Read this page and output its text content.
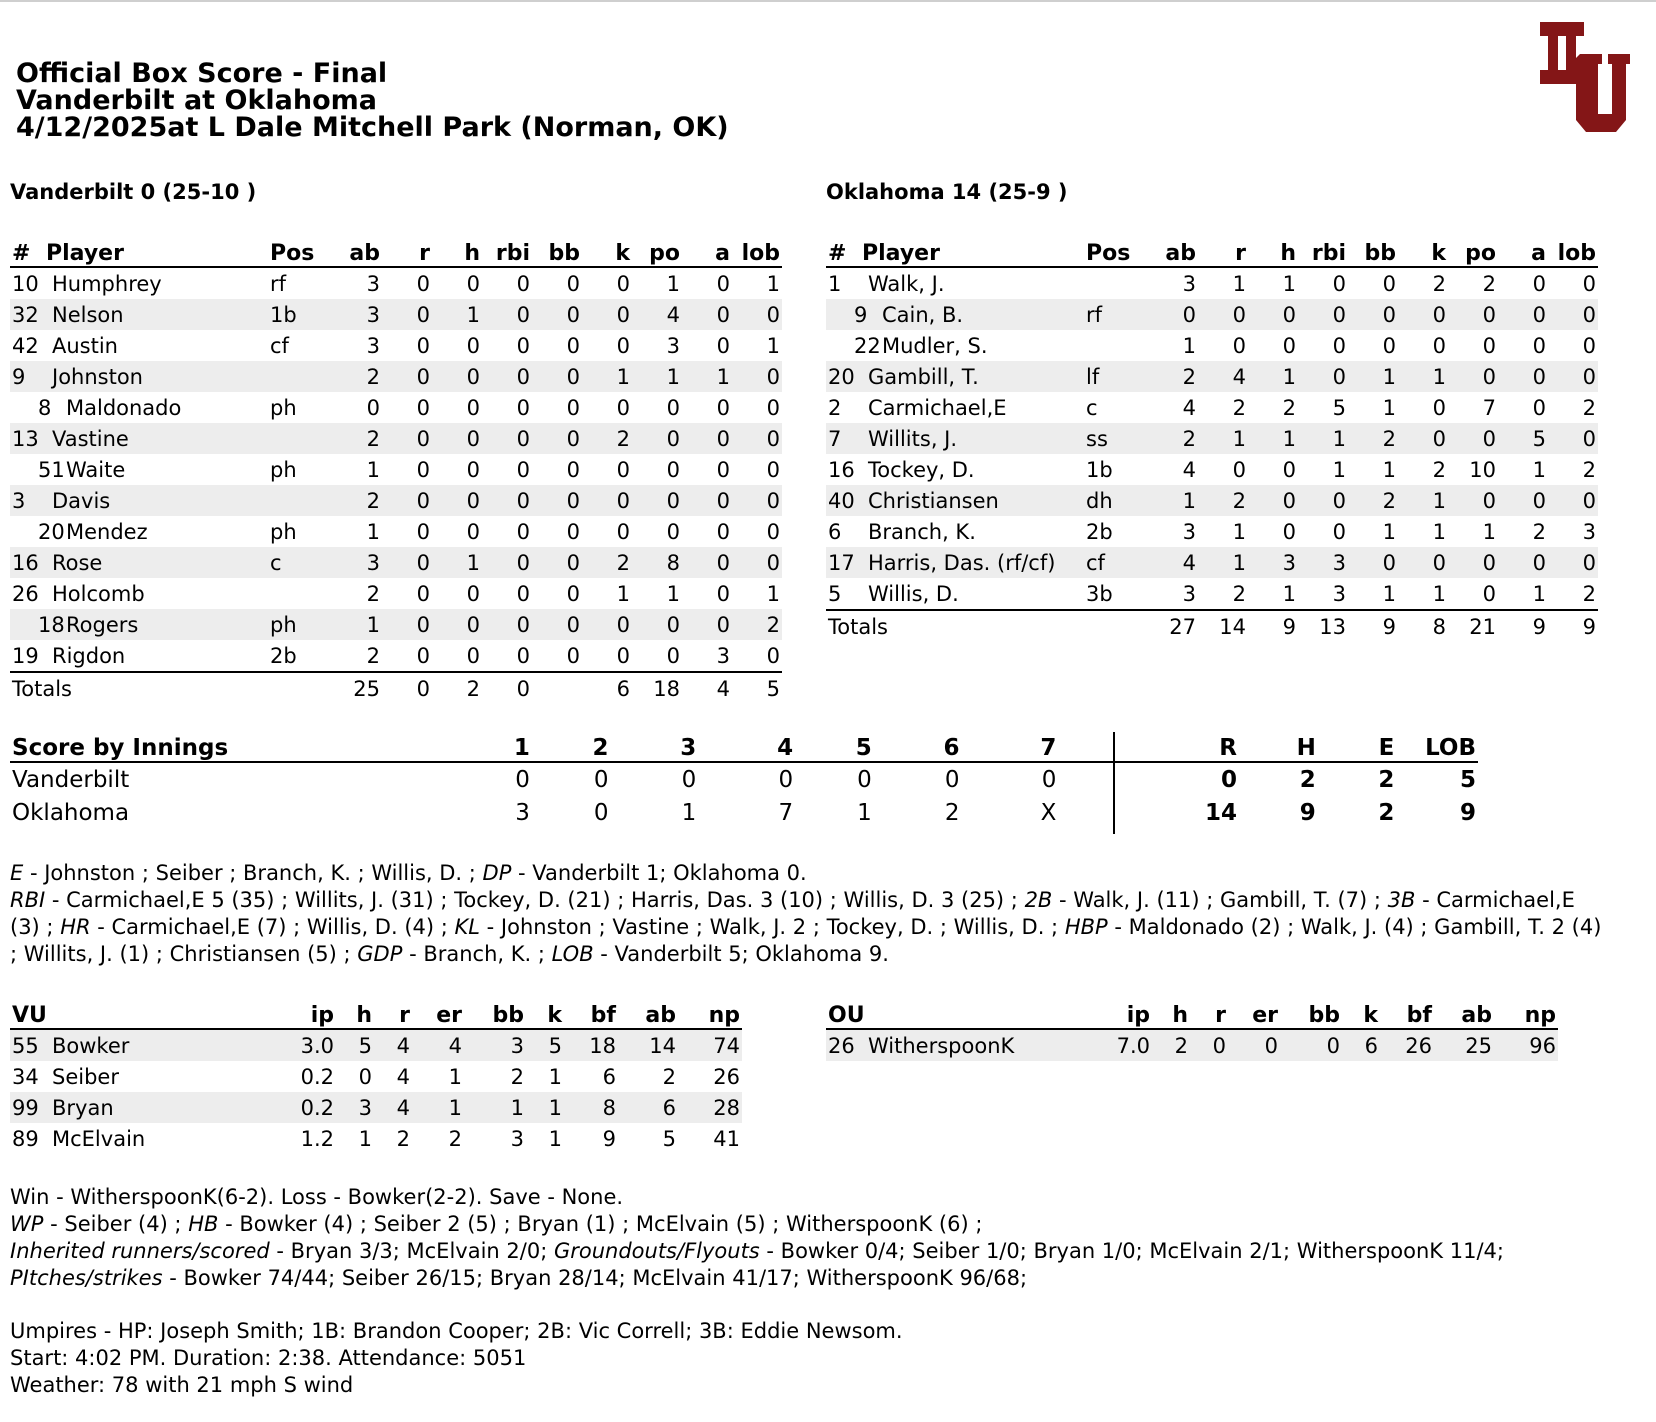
Official Box Score - Final
Vanderbilt at Oklahoma
4/12/2025at L Dale Mitchell Park (Norman, OK)
Vanderbilt 0 (25-10 )	Oklahoma 14 (25-9 )
#	Player	Pos	ab	r	h	rbi	bb	k	po	a	lob
10 Humphrey		rf	3	0	0	0	0	0	1	0	1
32 Nelson		1b	3	0	1	0	0	0	4	0	0
42 Austin		cf	3	0	0	0	0	0	3	0	1
9 Johnston			2	0	0	0	0	1	1	1	0
8 Maldonado		ph	0	0	0	0	0	0	0	0	0
13 Vastine			2	0	0	0	0	2	0	0	0
51Waite		ph	1	0	0	0	0	0	0	0	0
3 Davis			2	0	0	0	0	0	0	0	0
20Mendez		ph	1	0	0	0	0	0	0	0	0
16 Rose		c	3	0	1	0	0	2	8	0	0
26 Holcomb			2	0	0	0	0	1	1	0	1
18Rogers		ph	1	0	0	0	0	0	0	0	2
19 Rigdon		2b	2	0	0	0	0	0	0	3	0
Totals			25	0	2	0		6	18	4	5
#	Player	Pos	ab	r	h	rbi	bb	k	po	a	lob
1 Walk, J.			3	1	1	0	0	2	2	0	0
9 Cain, B.		rf	0	0	0	0	0	0	0	0	0
22Mudler, S.			1	0	0	0	0	0	0	0	0
20 Gambill, T.		lf	2	4	1	0	1	1	0	0	0
2 Carmichael,E		c	4	2	2	5	1	0	7	0	2
7 Willits, J.		ss	2	1	1	1	2	0	0	5	0
16 Tockey, D.		1b	4	0	0	1	1	2	10	1	2
40 Christiansen		dh	1	2	0	0	2	1	0	0	0
6 Branch, K.		2b	3	1	0	0	1	1	1	2	3
17 Harris, Das. (rf/cf)		cf	4	1	3	3	0	0	0	0	0
5 Willis, D.		3b	3	2	1	3	1	1	0	1	2
Totals			27	14	9	13	9	8	21	9	9
Score by Innings	1	2	3	4	5	6	7	R	H	E	LOB
Vanderbilt	0	0	0	0	0	0	0	0	2	2	5
Oklahoma	3	0	1	7	1	2	X	14	9	2	9
E - Johnston ; Seiber ; Branch, K. ; Willis, D. ; DP - Vanderbilt 1; Oklahoma 0.
RBI - Carmichael,E 5 (35) ; Willits, J. (31) ; Tockey, D. (21) ; Harris, Das. 3 (10) ; Willis, D. 3 (25) ; 2B - Walk, J. (11) ; Gambill, T. (7) ; 3B - Carmichael,E (3) ; HR - Carmichael,E (7) ; Willis, D. (4) ; KL - Johnston ; Vastine ; Walk, J. 2 ; Tockey, D. ; Willis, D. ; HBP - Maldonado (2) ; Walk, J. (4) ; Gambill, T. 2 (4) ; Willits, J. (1) ; Christiansen (5) ; GDP - Branch, K. ; LOB - Vanderbilt 5; Oklahoma 9.
VU	ip	h	r	er	bb	k	bf	ab	np
55 Bowker	3.0	5	4	4	3	5	18	14	74
34 Seiber	0.2	0	4	1	2	1	6	2	26
99 Bryan	0.2	3	4	1	1	1	8	6	28
89 McElvain	1.2	1	2	2	3	1	9	5	41
OU	ip	h	r	er	bb	k	bf	ab	np
26 WitherspoonK	7.0	2	0	0	0	6	26	25	96
Win - WitherspoonK(6-2). Loss - Bowker(2-2). Save - None.
WP - Seiber (4) ; HB - Bowker (4) ; Seiber 2 (5) ; Bryan (1) ; McElvain (5) ; WitherspoonK (6) ;
Inherited runners/scored - Bryan 3/3; McElvain 2/0; Groundouts/Flyouts - Bowker 0/4; Seiber 1/0; Bryan 1/0; McElvain 2/1; WitherspoonK 11/4; PItches/strikes - Bowker 74/44; Seiber 26/15; Bryan 28/14; McElvain 41/17; WitherspoonK 96/68;
Umpires - HP: Joseph Smith; 1B: Brandon Cooper; 2B: Vic Correll; 3B: Eddie Newsom.
Start: 4:02 PM. Duration: 2:38. Attendance: 5051
Weather: 78 with 21 mph S wind
